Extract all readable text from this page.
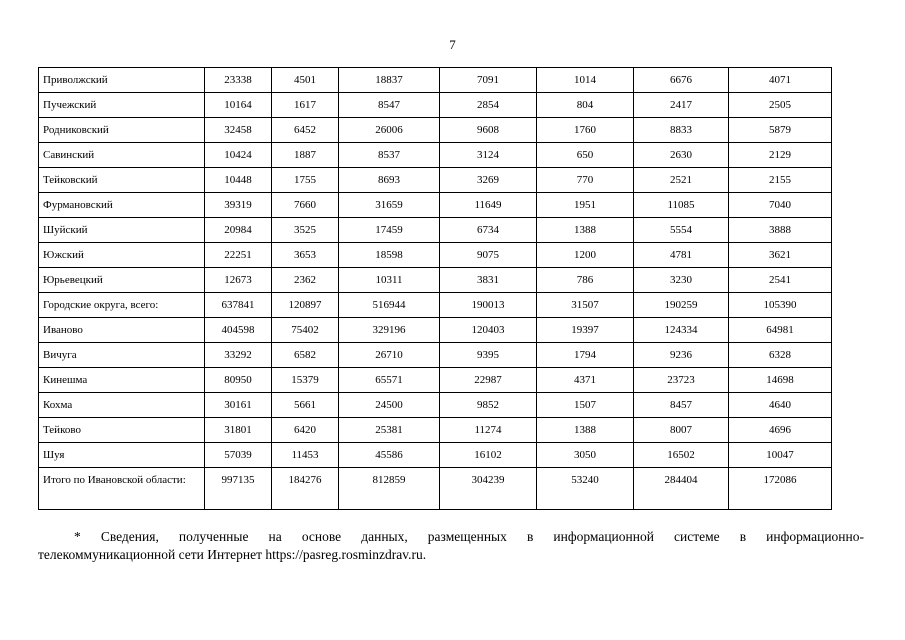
7
Приволжский	23338	4501	18837	7091	1014	6676	4071
Пучежский	10164	1617	8547	2854	804	2417	2505
Родниковский	32458	6452	26006	9608	1760	8833	5879
Савинский	10424	1887	8537	3124	650	2630	2129
Тейковский	10448	1755	8693	3269	770	2521	2155
Фурмановский	39319	7660	31659	11649	1951	11085	7040
Шуйский	20984	3525	17459	6734	1388	5554	3888
Южский	22251	3653	18598	9075	1200	4781	3621
Юрьевецкий	12673	2362	10311	3831	786	3230	2541
Городские округа, всего:	637841	120897	516944	190013	31507	190259	105390
Иваново	404598	75402	329196	120403	19397	124334	64981
Вичуга	33292	6582	26710	9395	1794	9236	6328
Кинешма	80950	15379	65571	22987	4371	23723	14698
Кохма	30161	5661	24500	9852	1507	8457	4640
Тейково	31801	6420	25381	11274	1388	8007	4696
Шуя	57039	11453	45586	16102	3050	16502	10047
Итого по Ивановской области:	997135	184276	812859	304239	53240	284404	172086
* Сведения, полученные на основе данных, размещенных в информационной системе в информационно-
телекоммуникационной сети Интернет https://pasreg.rosminzdrav.ru.
